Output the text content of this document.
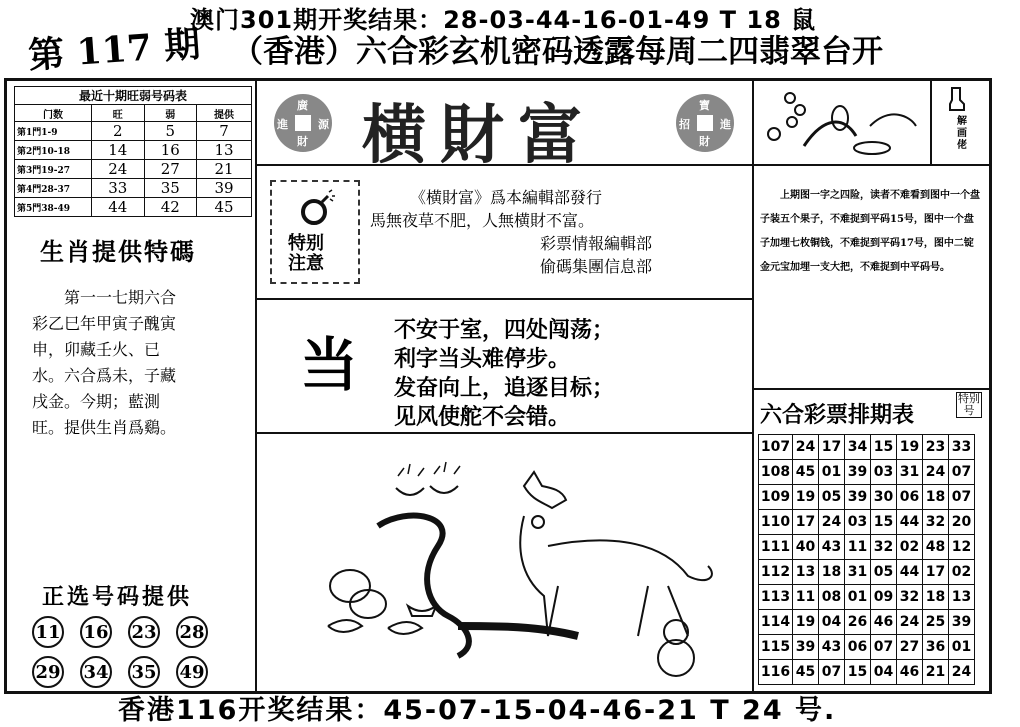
澳门301期开奖结果：28-03-44-16-01-49 T 18 鼠
第 117 期 （香港）六合彩玄机密码透露每周二四翡翠台开
最近十期旺弱号码表
门数	旺	弱	提供
第1門1-9	2	5	7
第2門10-18	14	16	13
第3門19-27	24	27	21
第4門28-37	33	35	39
第5門38-49	44	42	45
生肖提供特碼
第一一七期六合
彩乙巳年甲寅子醜寅
申，卯藏壬火、已
水。六合爲未，子藏
戌金。今期；藍測
旺。提供生肖爲鷄。
正选号码提供
11 16 23 28
29 34 35 49
廣
進	源
財 横財富	寶
招	進
財
特别
注意
《横財富》爲本編輯部發行
馬無夜草不肥，人無横財不富。
彩票情報編輯部
偷碼集團信息部
当
不安于室，四处闯荡；
利字当头难停步。
发奋向上，追逐目标；
见风使舵不会错。
解画佬
上期图一字之四险，读者不难看到图中一个盘子装五个果子，不难捉到平码15号，图中一个盘子加埋七枚铜钱，不难捉到平码17号，图中二锭金元宝加埋一支大把，不难捉到中平码号。
六合彩票排期表
特别号
107	24	17	34	15	19	23	33
108	45	01	39	03	31	24	07
109	19	05	39	30	06	18	07
110	17	24	03	15	44	32	20
111	40	43	11	32	02	48	12
112	13	18	31	05	44	17	02
113	11	08	01	09	32	18	13
114	19	04	26	46	24	25	39
115	39	43	06	07	27	36	01
116	45	07	15	04	46	21	24
香港116开奖结果：45-07-15-04-46-21 T 24 号.
